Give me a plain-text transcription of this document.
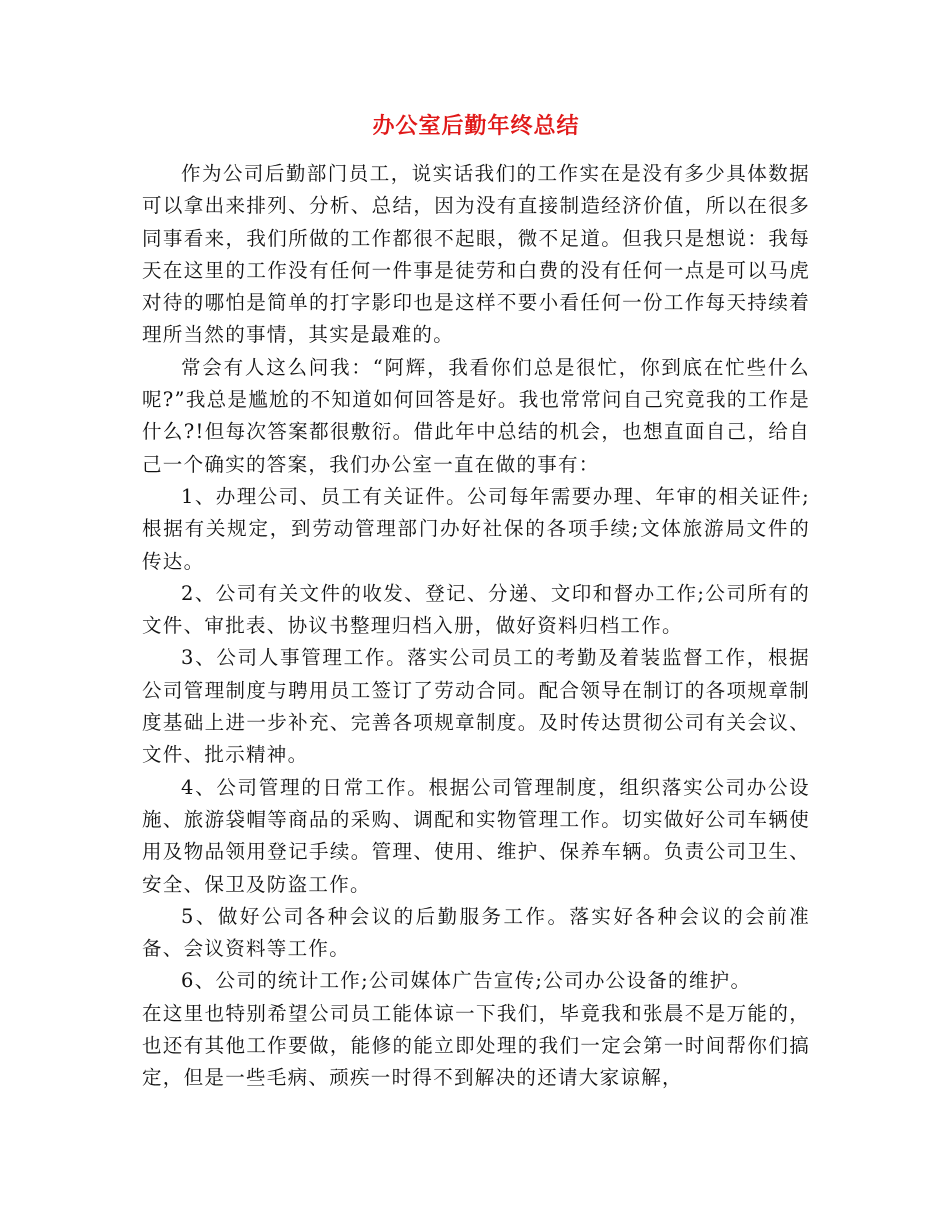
办公室后勤年终总结

作为公司后勤部门员工，说实话我们的工作实在是没有多少具体数据可以拿出来排列、分析、总结，因为没有直接制造经济价值，所以在很多同事看来，我们所做的工作都很不起眼，微不足道。但我只是想说：我每天在这里的工作没有任何一件事是徒劳和白费的没有任何一点是可以马虎对待的哪怕是简单的打字影印也是这样不要小看任何一份工作每天持续着理所当然的事情，其实是最难的。

常会有人这么问我：“阿辉，我看你们总是很忙，你到底在忙些什么呢?”我总是尴尬的不知道如何回答是好。我也常常问自己究竟我的工作是什么?!但每次答案都很敷衍。借此年中总结的机会，也想直面自己，给自己一个确实的答案，我们办公室一直在做的事有：

1、办理公司、员工有关证件。公司每年需要办理、年审的相关证件;根据有关规定，到劳动管理部门办好社保的各项手续;文体旅游局文件的传达。

2、公司有关文件的收发、登记、分递、文印和督办工作;公司所有的文件、审批表、协议书整理归档入册，做好资料归档工作。

3、公司人事管理工作。落实公司员工的考勤及着装监督工作，根据公司管理制度与聘用员工签订了劳动合同。配合领导在制订的各项规章制度基础上进一步补充、完善各项规章制度。及时传达贯彻公司有关会议、文件、批示精神。

4、公司管理的日常工作。根据公司管理制度，组织落实公司办公设施、旅游袋帽等商品的采购、调配和实物管理工作。切实做好公司车辆使用及物品领用登记手续。管理、使用、维护、保养车辆。负责公司卫生、安全、保卫及防盗工作。

5、做好公司各种会议的后勤服务工作。落实好各种会议的会前准备、会议资料等工作。

6、公司的统计工作;公司媒体广告宣传;公司办公设备的维护。

在这里也特别希望公司员工能体谅一下我们，毕竟我和张晨不是万能的，也还有其他工作要做，能修的能立即处理的我们一定会第一时间帮你们搞定，但是一些毛病、顽疾一时得不到解决的还请大家谅解，
